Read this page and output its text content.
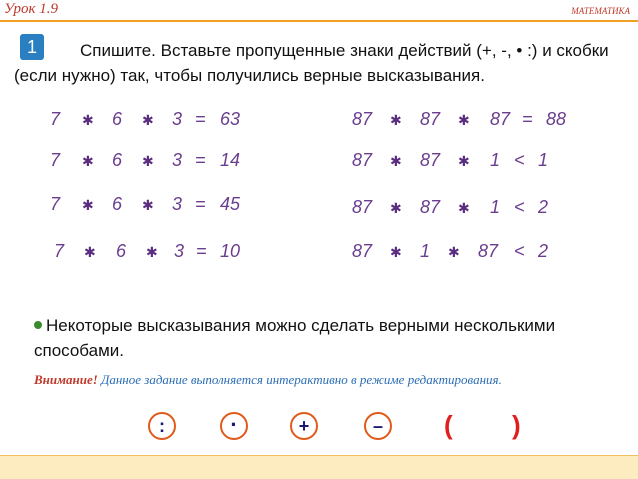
Урок 1.9	МАТЕМАТИКА
1	Спишите. Вставьте пропущенные знаки действий (+, -, • :) и скобки (если нужно) так, чтобы получились верные высказывания.
7 ✱ 6 ✱ 3 = 63
7 ✱ 6 ✱ 3 = 14
7 ✱ 6 ✱ 3 = 45
7 ✱ 6 ✱ 3 = 10
87 ✱ 87 ✱ 87 = 88
87 ✱ 87 ✱ 1 < 1
87 ✱ 87 ✱ 1 < 2
87 ✱ 1 ✱ 87 < 2
Некоторые высказывания можно сделать верными несколькими способами.
Внимание! Данное задание выполняется интерактивно в режиме редактирования.
:	·	+	–	( )
